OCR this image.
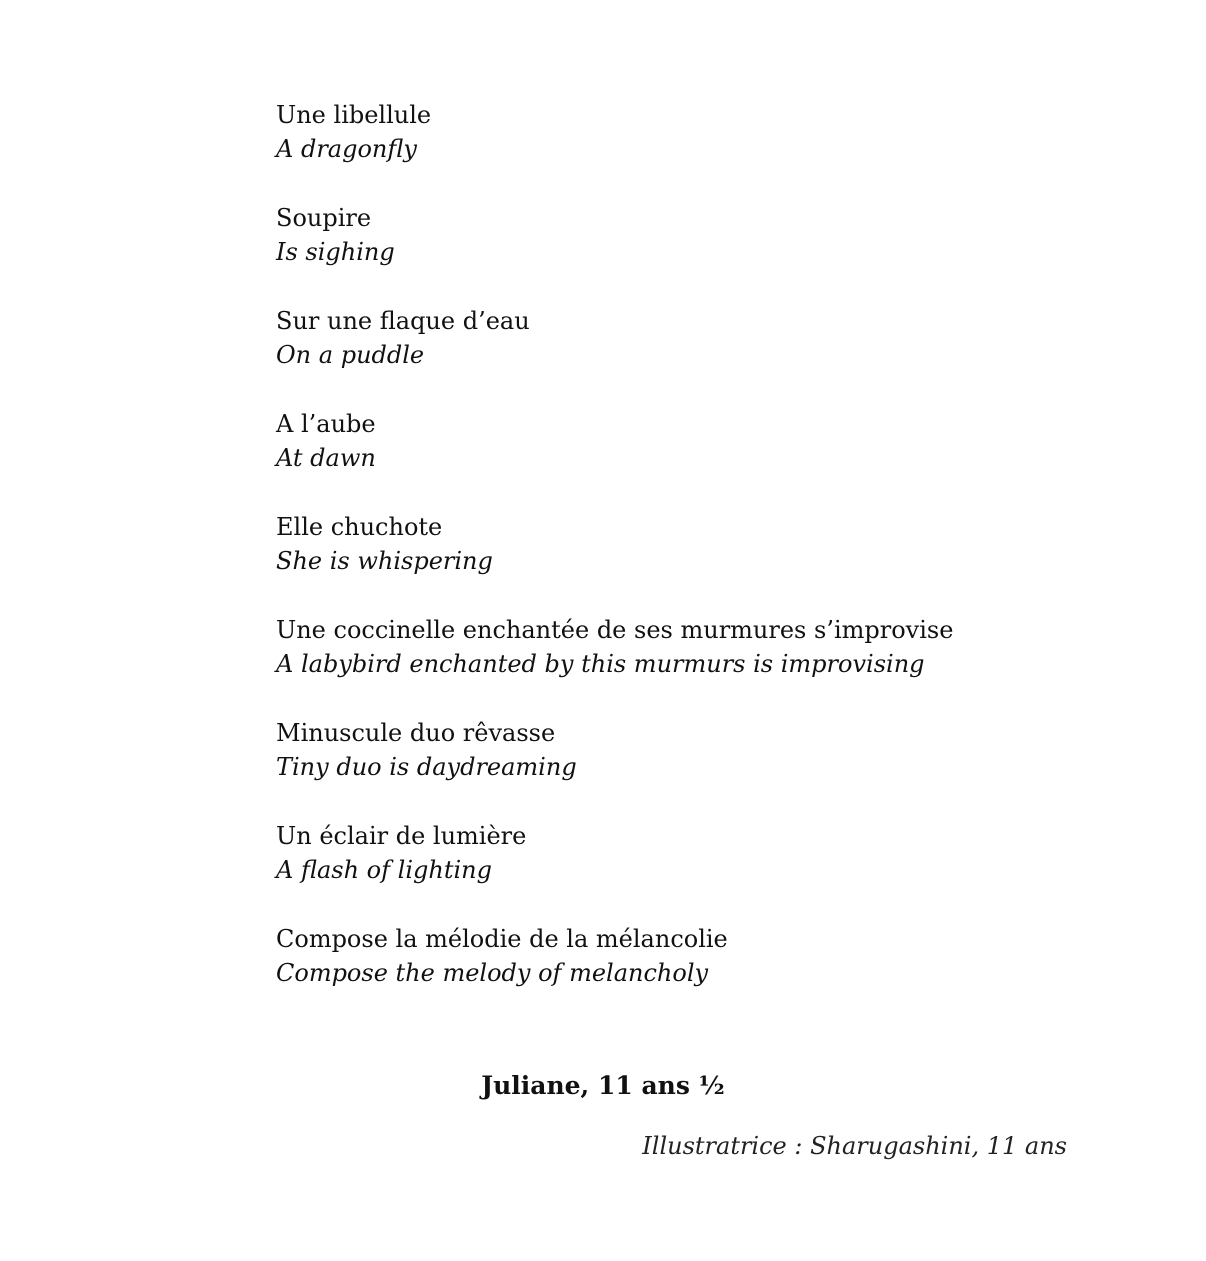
Une libellule
A dragonfly
Soupire
Is sighing
Sur une flaque d’eau
On a puddle
A l’aube
At dawn
Elle chuchote
She is whispering
Une coccinelle enchantée de ses murmures s’improvise
A labybird enchanted by this murmurs is improvising
Minuscule duo rêvasse
Tiny duo is daydreaming
Un éclair de lumière
A flash of lighting
Compose la mélodie de la mélancolie
Compose the melody of melancholy
Juliane, 11 ans ½
Illustratrice : Sharugashini, 11 ans
